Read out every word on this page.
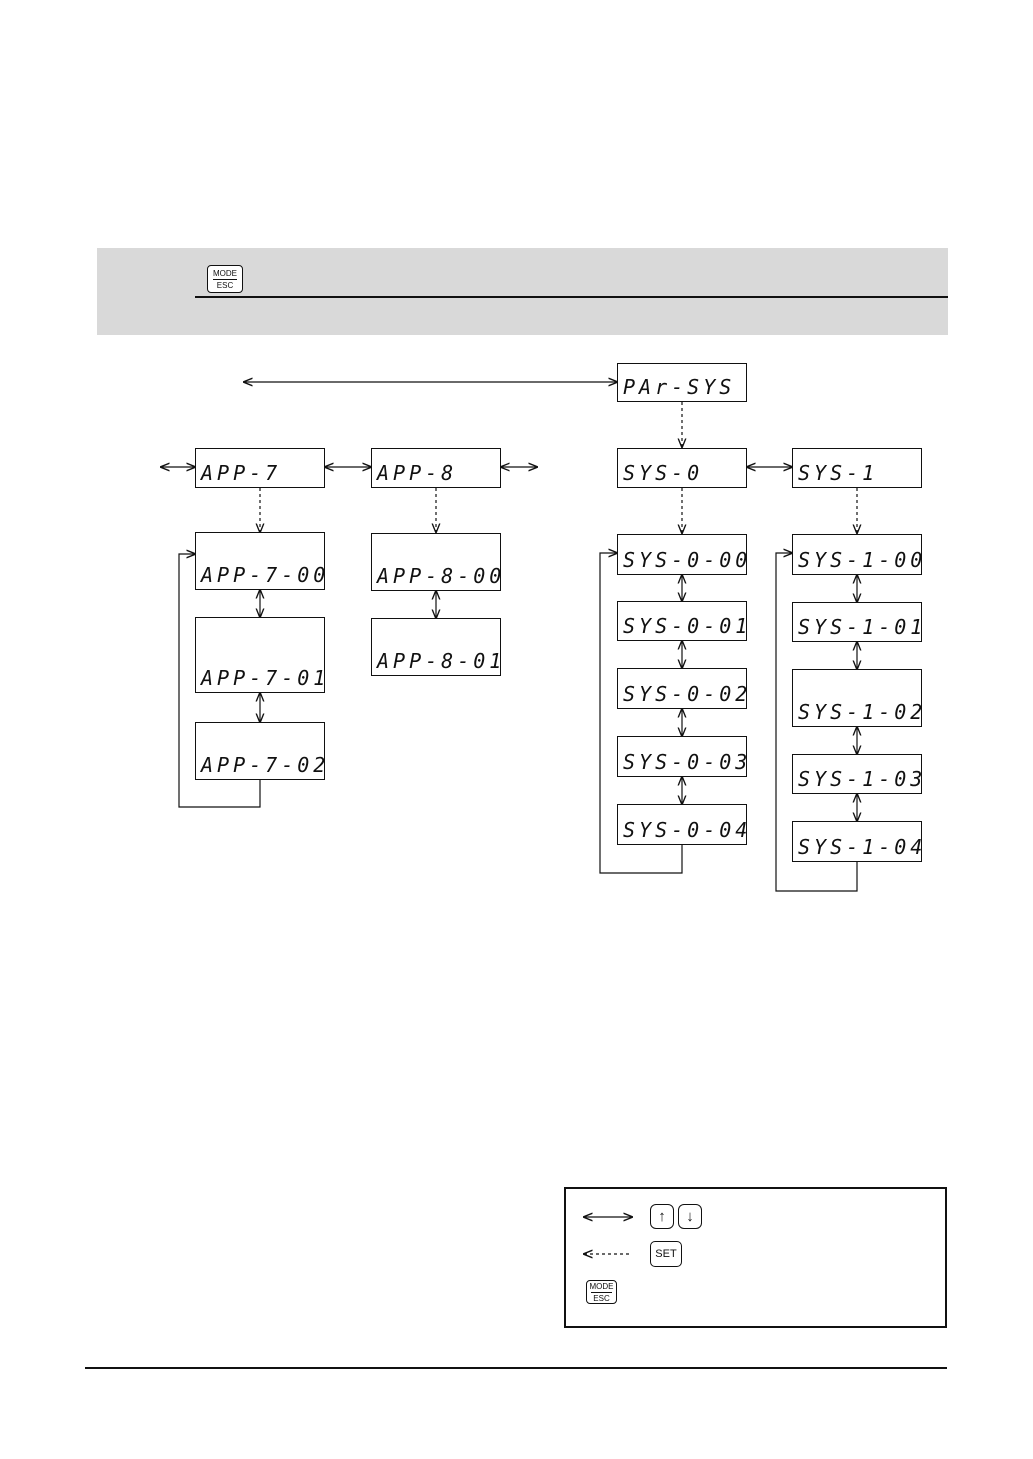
MODE
ESC
PAr-SYS
APP-7	APP-8	SYS-0	SYS-1
APP-7-00
APP-7-01
APP-7-02
APP-8-00
APP-8-01
SYS-0-00
SYS-0-01
SYS-0-02
SYS-0-03
SYS-0-04
SYS-1-00
SYS-1-01
SYS-1-02
SYS-1-03
SYS-1-04
↑ ↓
SET
MODE
ESC
